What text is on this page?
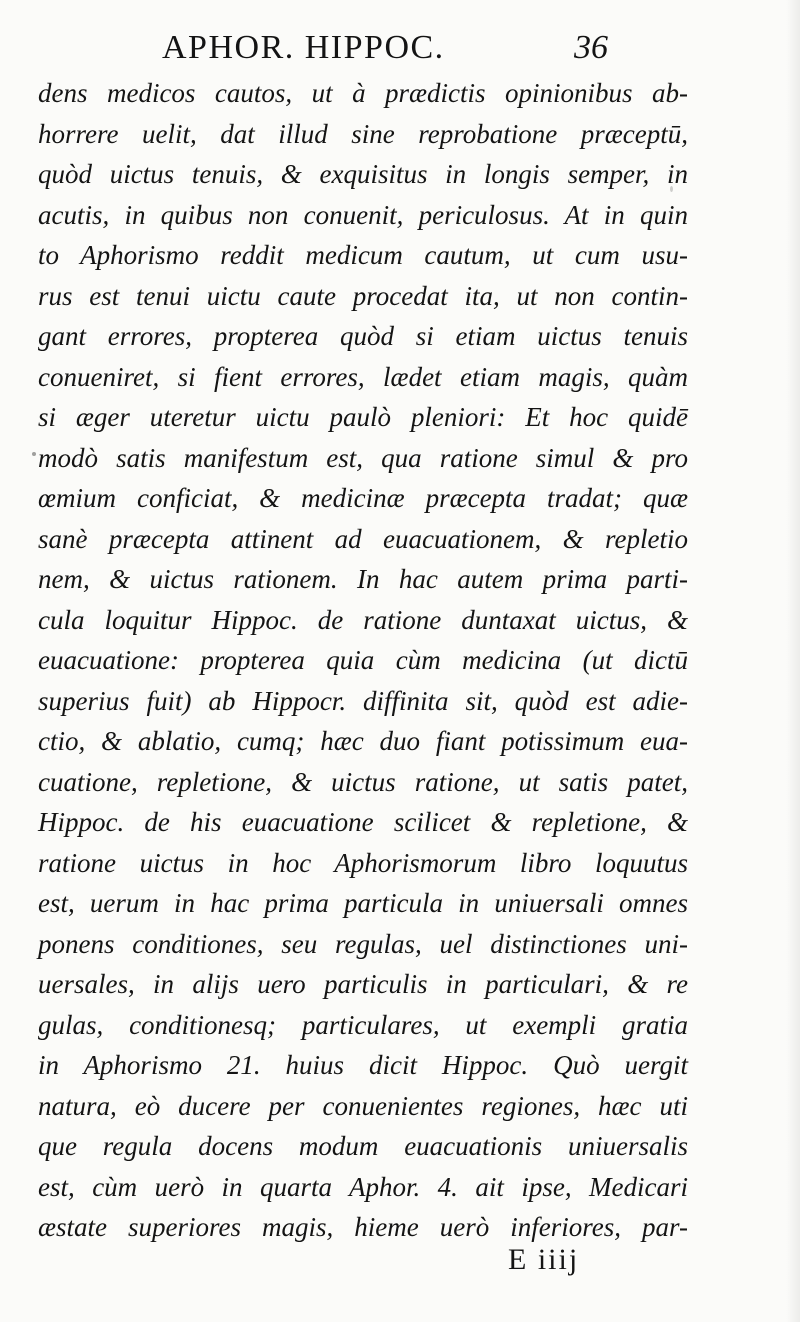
APHOR. HIPPOC.	36
dens medicos cautos, ut à prædictis opinionibus ab-
horrere uelit, dat illud sine reprobatione præceptū,
quòd uictus tenuis, & exquisitus in longis semper, in
acutis, in quibus non conuenit, periculosus. At in quin
to Aphorismo reddit medicum cautum, ut cum usu-
rus est tenui uictu caute procedat ita, ut non contin-
gant errores, propterea quòd si etiam uictus tenuis
conueniret, si fient errores, lædet etiam magis, quàm
si æger uteretur uictu paulò pleniori: Et hoc quidē
modò satis manifestum est, qua ratione simul & pro
œmium conficiat, & medicinæ præcepta tradat; quæ
sanè præcepta attinent ad euacuationem, & repletio
nem, & uictus rationem. In hac autem prima parti-
cula loquitur Hippoc. de ratione duntaxat uictus, &
euacuatione: propterea quia cùm medicina (ut dictū
superius fuit) ab Hippocr. diffinita sit, quòd est adie-
ctio, & ablatio, cumq; hæc duo fiant potissimum eua-
cuatione, repletione, & uictus ratione, ut satis patet,
Hippoc. de his euacuatione scilicet & repletione, &
ratione uictus in hoc Aphorismorum libro loquutus
est, uerum in hac prima particula in uniuersali omnes
ponens conditiones, seu regulas, uel distinctiones uni-
uersales, in alijs uero particulis in particulari, & re
gulas, conditionesq; particulares, ut exempli gratia
in Aphorismo 21. huius dicit Hippoc. Quò uergit
natura, eò ducere per conuenientes regiones, hæc uti
que regula docens modum euacuationis uniuersalis
est, cùm uerò in quarta Aphor. 4. ait ipse, Medicari
æstate superiores magis, hieme uerò inferiores, par-
E iiij
